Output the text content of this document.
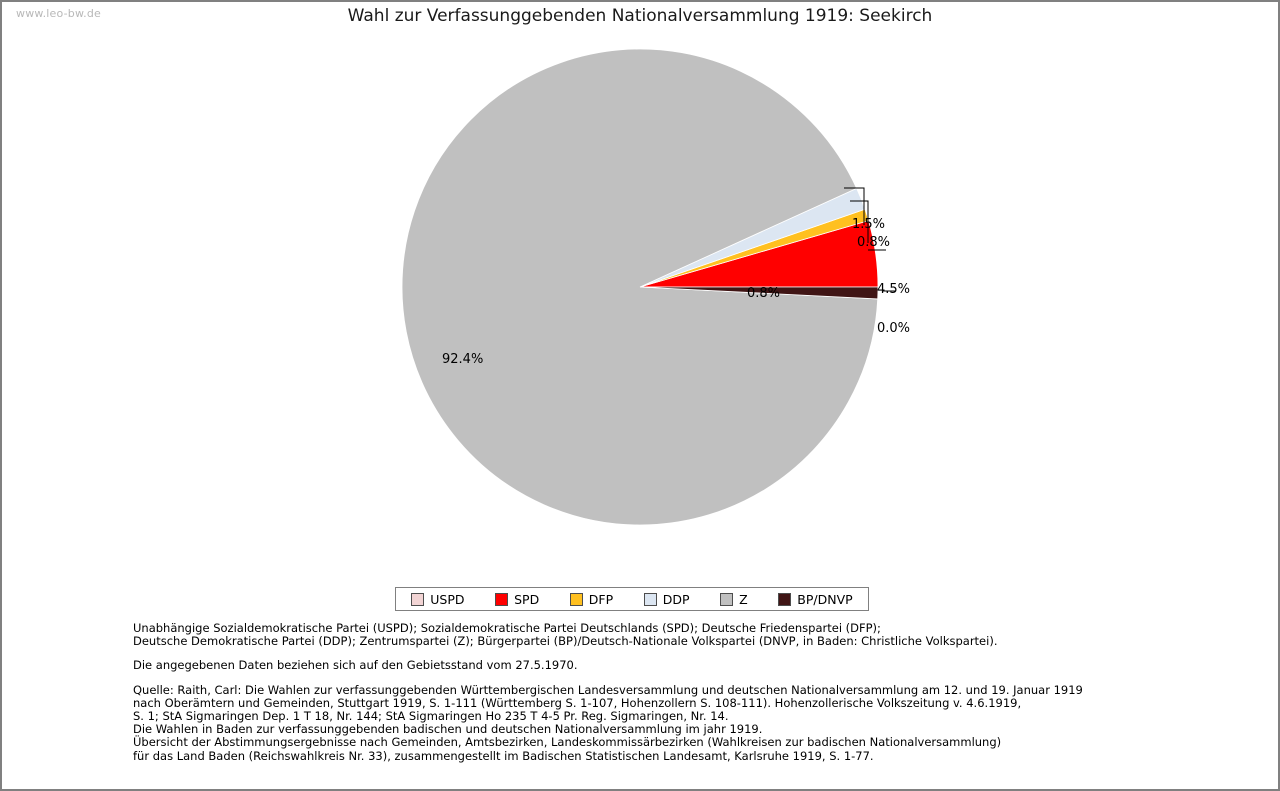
www.leo-bw.de	Wahl zur Verfassunggebenden Nationalversammlung 1919: Seekirch
0.0%
4.5%
0.8%
1.5%
92.4%
0.8%
USPD	SPD	DFP	DDP	Z	BP/DNVP
Unabhängige Sozialdemokratische Partei (USPD); Sozialdemokratische Partei Deutschlands (SPD); Deutsche Friedenspartei (DFP);
Deutsche Demokratische Partei (DDP); Zentrumspartei (Z); Bürgerpartei (BP)/Deutsch-Nationale Volkspartei (DNVP, in Baden: Christliche Volkspartei).
Die angegebenen Daten beziehen sich auf den Gebietsstand vom 27.5.1970.
Quelle: Raith, Carl: Die Wahlen zur verfassunggebenden Württembergischen Landesversammlung und deutschen Nationalversammlung am 12. und 19. Januar 1919
nach Oberämtern und Gemeinden, Stuttgart 1919, S. 1-111 (Württemberg S. 1-107, Hohenzollern S. 108-111). Hohenzollerische Volkszeitung v. 4.6.1919,
S. 1; StA Sigmaringen Dep. 1 T 18, Nr. 144; StA Sigmaringen Ho 235 T 4-5 Pr. Reg. Sigmaringen, Nr. 14.
Die Wahlen in Baden zur verfassunggebenden badischen und deutschen Nationalversammlung im jahr 1919.
Übersicht der Abstimmungsergebnisse nach Gemeinden, Amtsbezirken, Landeskommissärbezirken (Wahlkreisen zur badischen Nationalversammlung)
für das Land Baden (Reichswahlkreis Nr. 33), zusammengestellt im Badischen Statistischen Landesamt, Karlsruhe 1919, S. 1-77.
